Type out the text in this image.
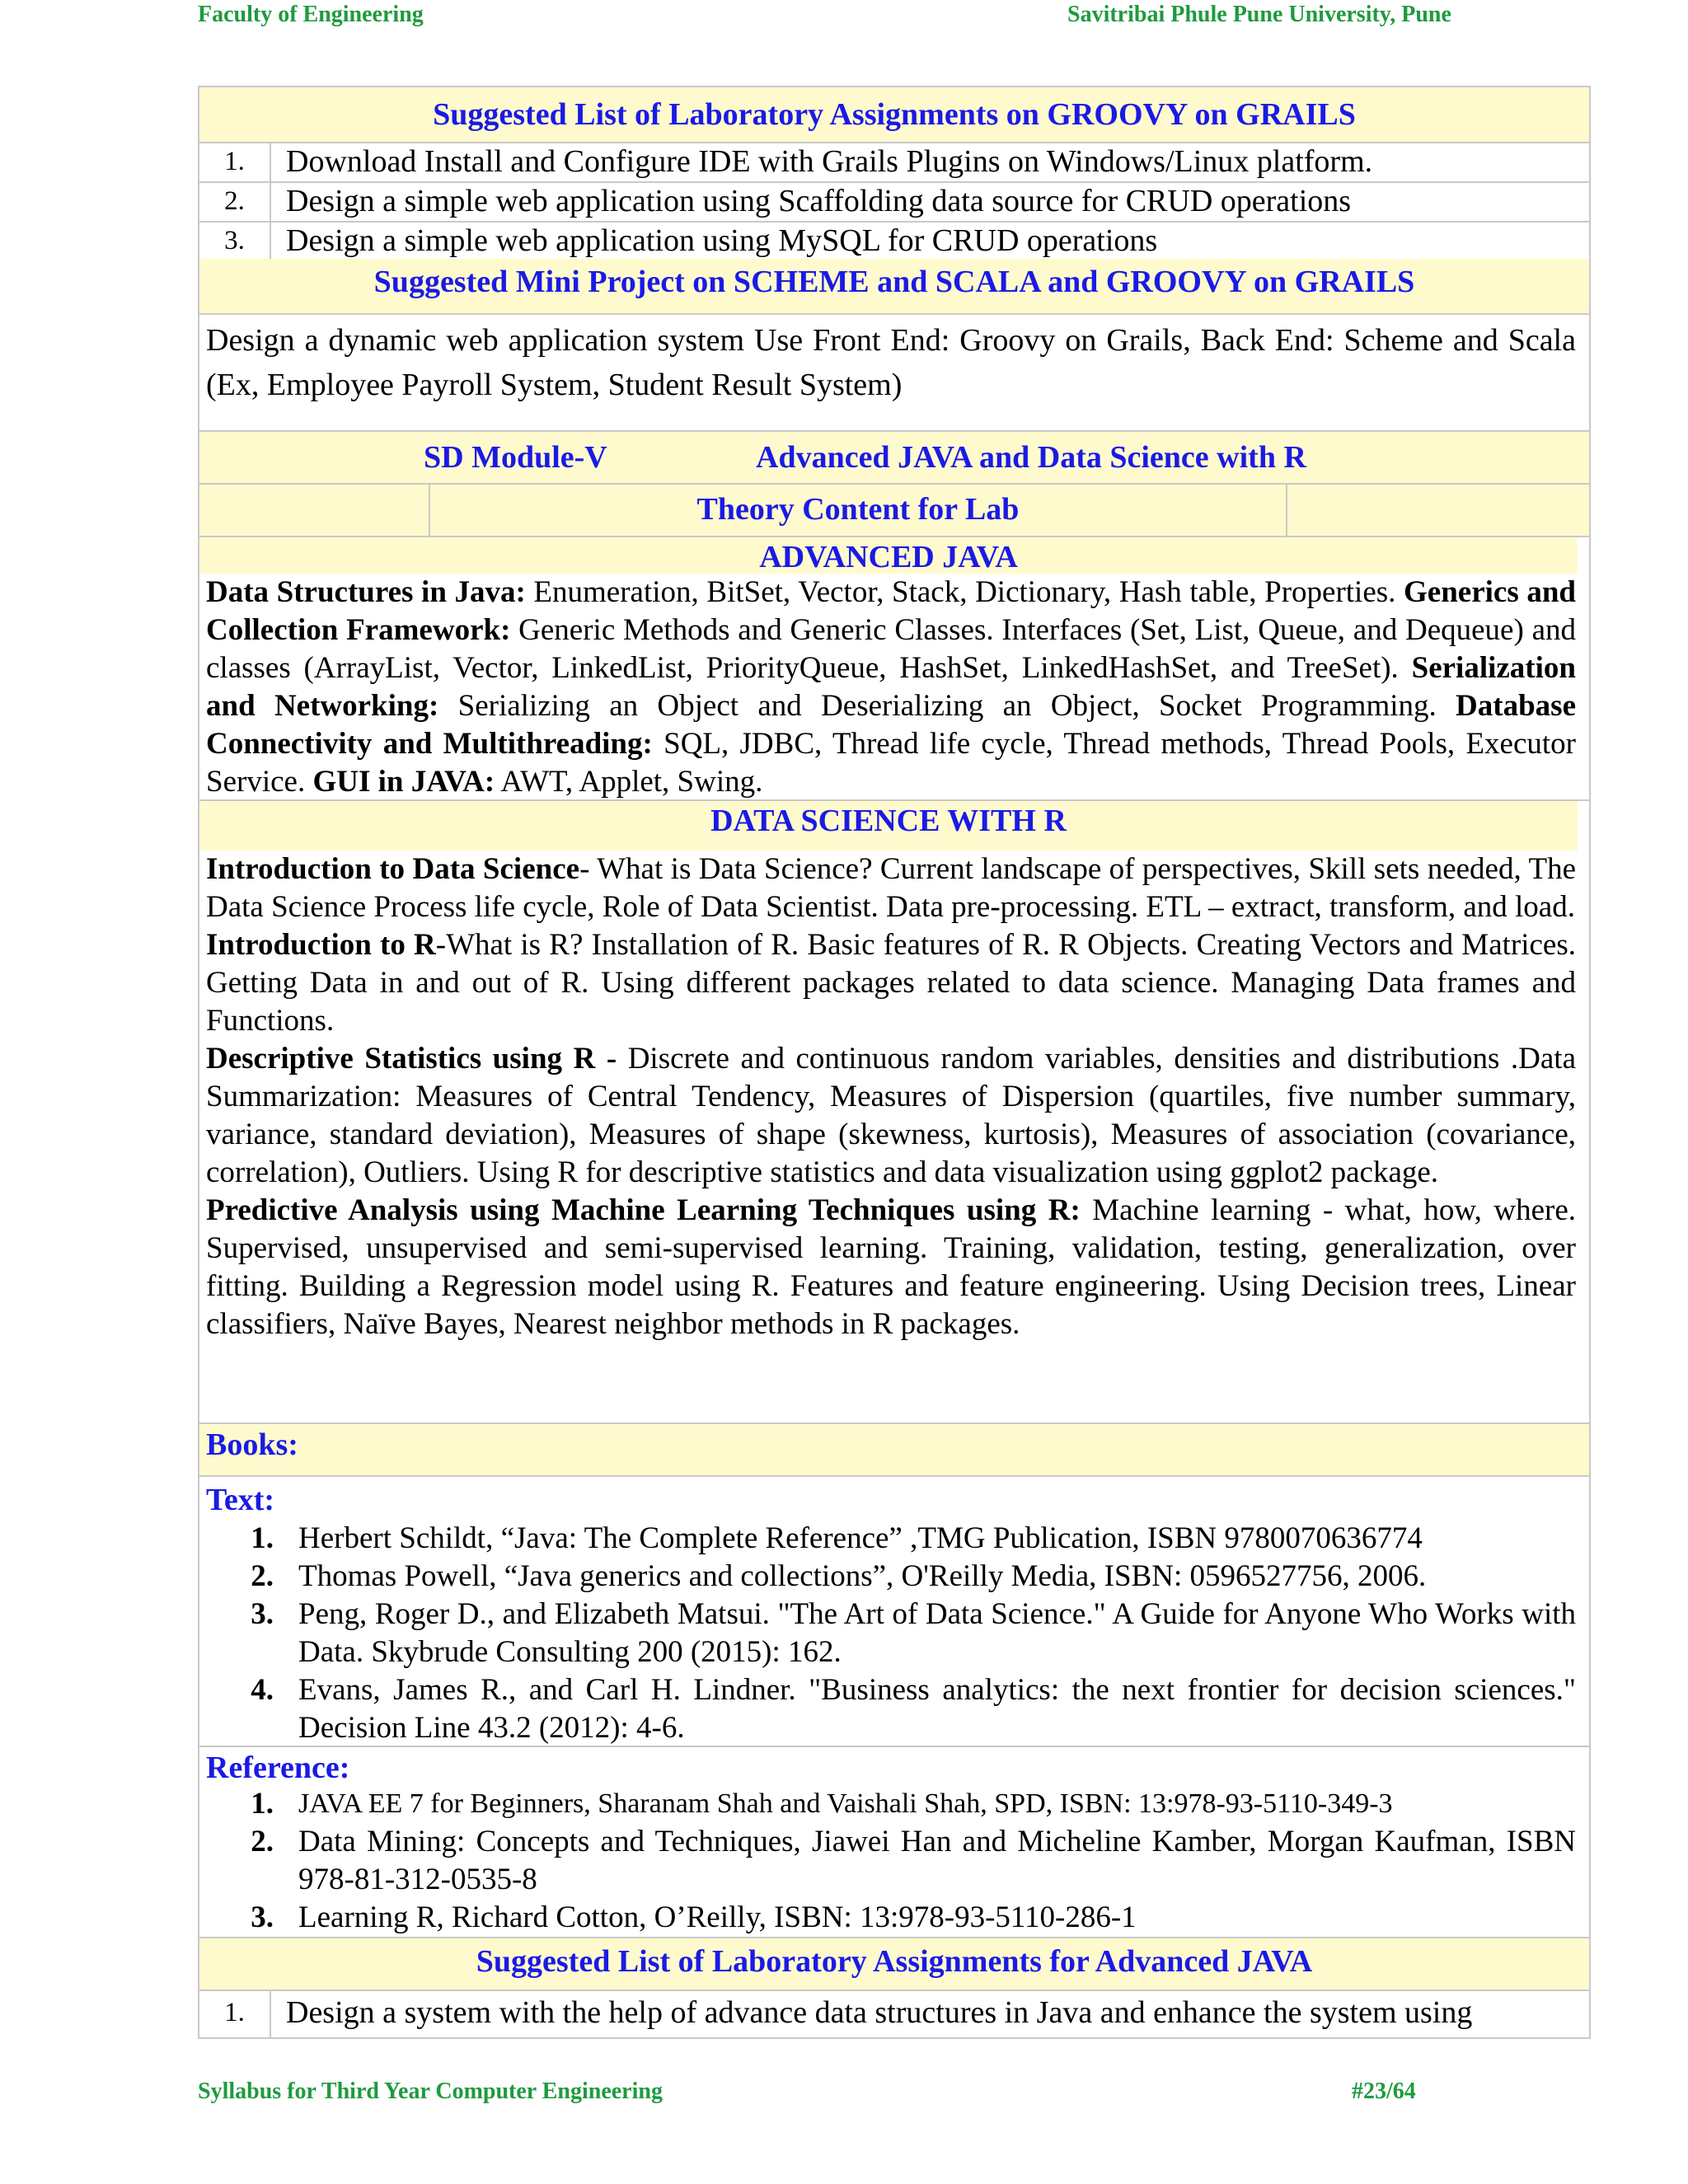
Faculty of Engineering	Savitribai Phule Pune University, Pune
Suggested List of Laboratory Assignments on GROOVY on GRAILS
1.	Download Install and Configure IDE with Grails Plugins on Windows/Linux platform.
2.	Design a simple web application using Scaffolding data source for CRUD operations
3.	Design a simple web application using MySQL for CRUD operations
Suggested Mini Project on SCHEME and SCALA and GROOVY on GRAILS
Design a dynamic web application system Use Front End: Groovy on Grails, Back End: Scheme and Scala (Ex, Employee Payroll System, Student Result System)
SD Module-V	Advanced JAVA and Data Science with R
Theory Content for Lab
ADVANCED JAVA

Data Structures in Java: Enumeration, BitSet, Vector, Stack, Dictionary, Hash table, Properties. Generics and Collection Framework: Generic Methods and Generic Classes. Interfaces (Set, List, Queue, and Dequeue) and classes (ArrayList, Vector, LinkedList, PriorityQueue, HashSet, LinkedHashSet, and TreeSet). Serialization and Networking: Serializing an Object and Deserializing an Object, Socket Programming. Database Connectivity and Multithreading: SQL, JDBC, Thread life cycle, Thread methods, Thread Pools, Executor Service. GUI in JAVA: AWT, Applet, Swing.

DATA SCIENCE WITH R

Introduction to Data Science- What is Data Science? Current landscape of perspectives, Skill sets needed, The Data Science Process life cycle, Role of Data Scientist. Data pre-processing. ETL – extract, transform, and load.

Introduction to R-What is R? Installation of R. Basic features of R. R Objects. Creating Vectors and Matrices. Getting Data in and out of R. Using different packages related to data science. Managing Data frames and Functions.

Descriptive Statistics using R - Discrete and continuous random variables, densities and distributions .Data Summarization: Measures of Central Tendency, Measures of Dispersion (quartiles, five number summary, variance, standard deviation), Measures of shape (skewness, kurtosis), Measures of association (covariance, correlation), Outliers. Using R for descriptive statistics and data visualization using ggplot2 package.

Predictive Analysis using Machine Learning Techniques using R: Machine learning - what, how, where. Supervised, unsupervised and semi-supervised learning. Training, validation, testing, generalization, over fitting. Building a Regression model using R. Features and feature engineering. Using Decision trees, Linear classifiers, Naïve Bayes, Nearest neighbor methods in R packages.

Books:
Text:
1. Herbert Schildt, “Java: The Complete Reference” ,TMG Publication, ISBN 9780070636774
2. Thomas Powell, “Java generics and collections”, O'Reilly Media, ISBN: 0596527756, 2006.
3. Peng, Roger D., and Elizabeth Matsui. "The Art of Data Science." A Guide for Anyone Who Works with Data. Skybrude Consulting 200 (2015): 162.
4. Evans, James R., and Carl H. Lindner. "Business analytics: the next frontier for decision sciences." Decision Line 43.2 (2012): 4-6.
Reference:
1. JAVA EE 7 for Beginners, Sharanam Shah and Vaishali Shah, SPD, ISBN: 13:978-93-5110-349-3
2. Data Mining: Concepts and Techniques, Jiawei Han and Micheline Kamber, Morgan Kaufman, ISBN 978-81-312-0535-8
3. Learning R, Richard Cotton, O’Reilly, ISBN: 13:978-93-5110-286-1
Suggested List of Laboratory Assignments for Advanced JAVA
1.	Design a system with the help of advance data structures in Java and enhance the system using
Syllabus for Third Year Computer Engineering	#23/64
